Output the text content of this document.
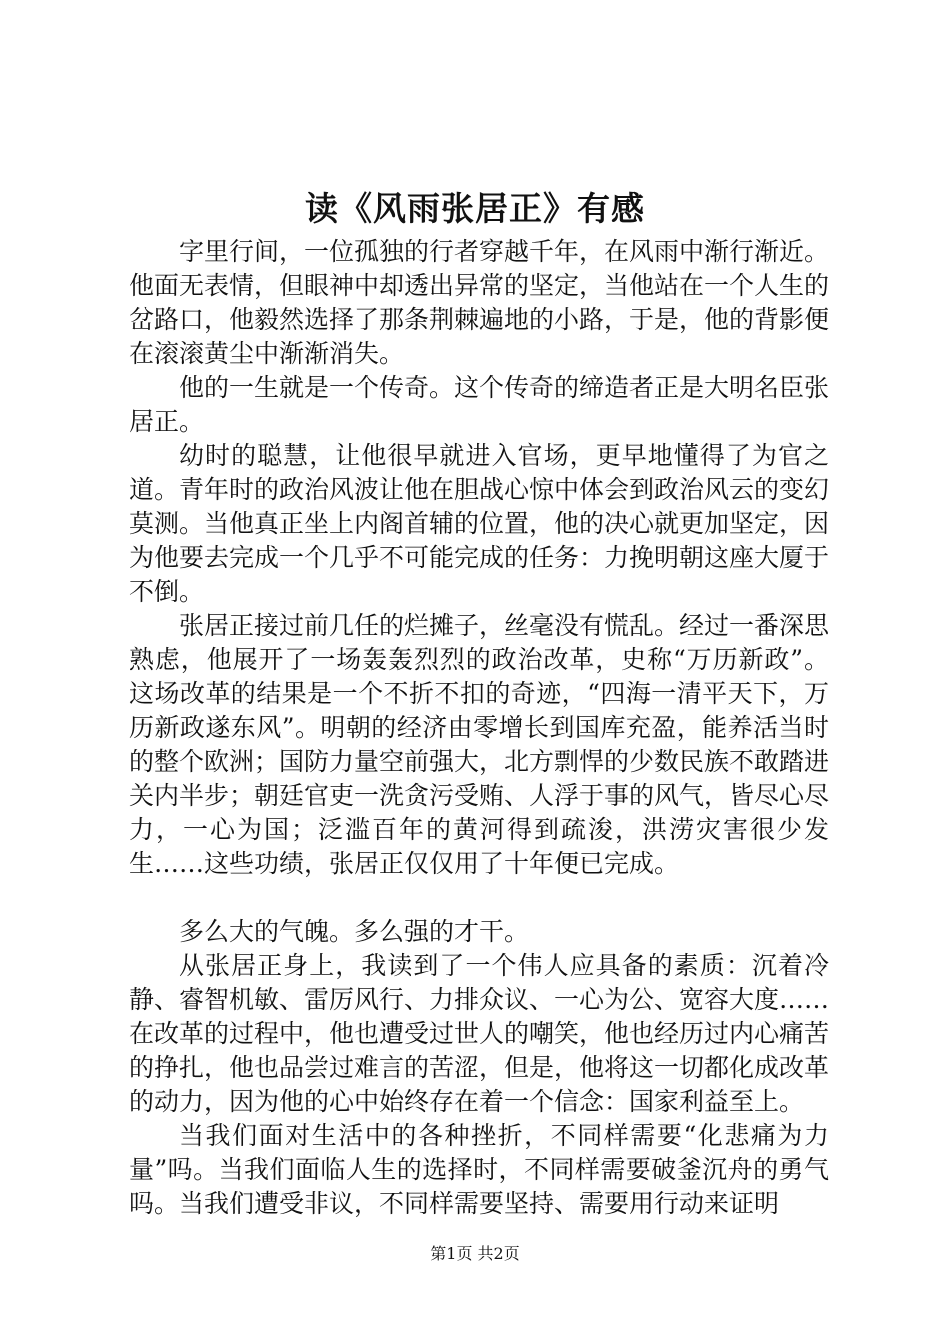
读《风雨张居正》有感

字里行间，一位孤独的行者穿越千年，在风雨中渐行渐近。他面无表情，但眼神中却透出异常的坚定，当他站在一个人生的岔路口，他毅然选择了那条荆棘遍地的小路，于是，他的背影便在滚滚黄尘中渐渐消失。

他的一生就是一个传奇。这个传奇的缔造者正是大明名臣张居正。

幼时的聪慧，让他很早就进入官场，更早地懂得了为官之道。青年时的政治风波让他在胆战心惊中体会到政治风云的变幻莫测。当他真正坐上内阁首辅的位置，他的决心就更加坚定，因为他要去完成一个几乎不可能完成的任务：力挽明朝这座大厦于不倒。

张居正接过前几任的烂摊子，丝毫没有慌乱。经过一番深思熟虑，他展开了一场轰轰烈烈的政治改革，史称“万历新政”。这场改革的结果是一个不折不扣的奇迹，“四海一清平天下，万历新政遂东风”。明朝的经济由零增长到国库充盈，能养活当时的整个欧洲；国防力量空前强大，北方剽悍的少数民族不敢踏进关内半步；朝廷官吏一洗贪污受贿、人浮于事的风气，皆尽心尽力，一心为国；泛滥百年的黄河得到疏浚，洪涝灾害很少发生……这些功绩，张居正仅仅用了十年便已完成。

多么大的气魄。多么强的才干。

从张居正身上，我读到了一个伟人应具备的素质：沉着冷静、睿智机敏、雷厉风行、力排众议、一心为公、宽容大度……在改革的过程中，他也遭受过世人的嘲笑，他也经历过内心痛苦的挣扎，他也品尝过难言的苦涩，但是，他将这一切都化成改革的动力，因为他的心中始终存在着一个信念：国家利益至上。

当我们面对生活中的各种挫折，不同样需要“化悲痛为力量”吗。当我们面临人生的选择时，不同样需要破釜沉舟的勇气吗。当我们遭受非议，不同样需要坚持、需要用行动来证明

第1页 共2页
